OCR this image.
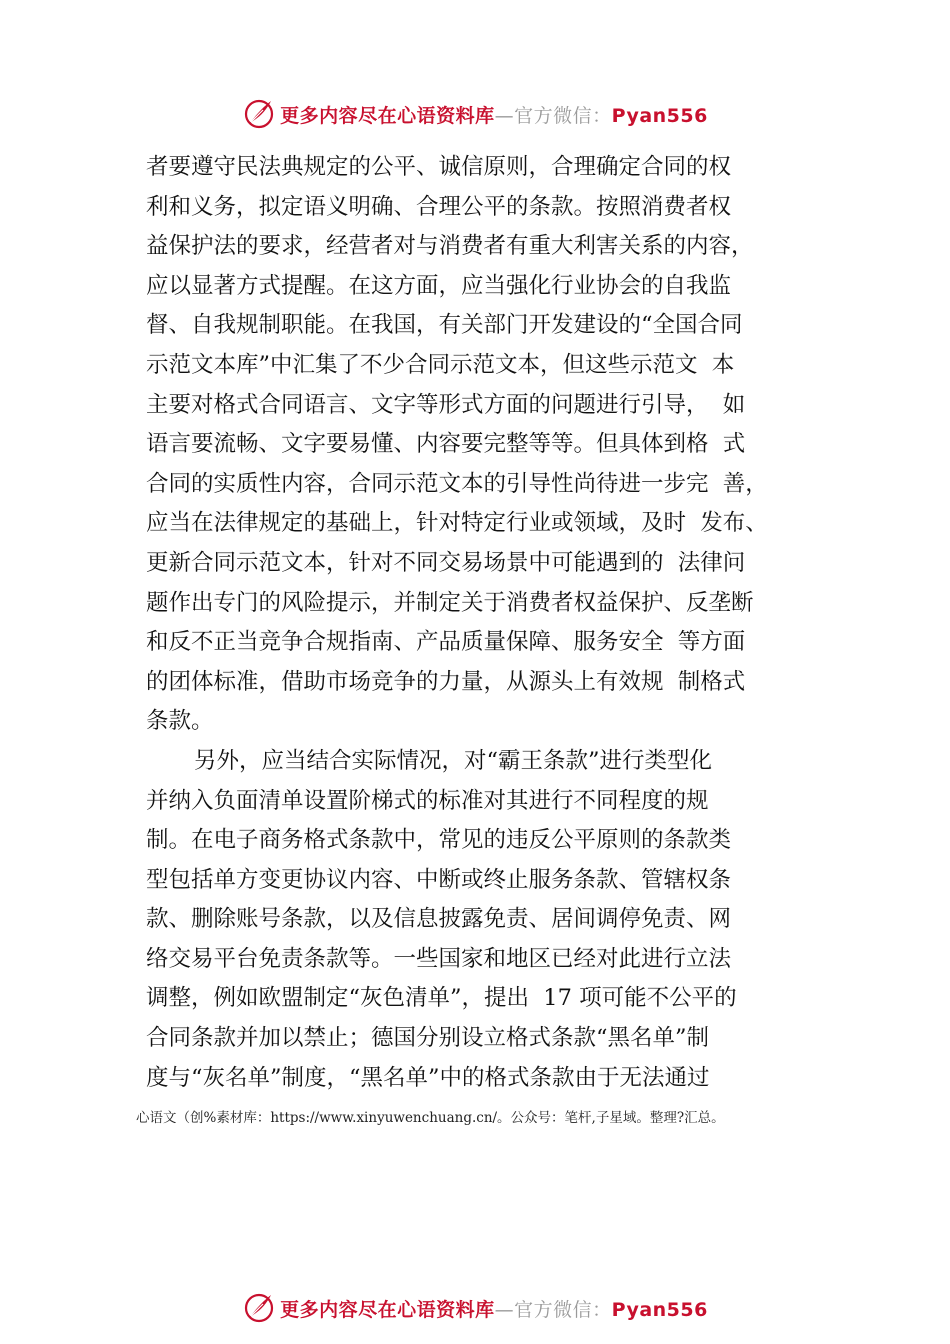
更多内容尽在心语资料库—官方微信：Pyan556
者要遵守民法典规定的公平、诚信原则，合理确定合同的权
利和义务，拟定语义明确、合理公平的条款。按照消费者权
益保护法的要求，经营者对与消费者有重大利害关系的内容，
应以显著方式提醒。在这方面，应当强化行业协会的自我监
督、自我规制职能。在我国，有关部门开发建设的“全国合同
示范文本库”中汇集了不少合同示范文本，但这些示范文  本
主要对格式合同语言、文字等形式方面的问题进行引导，  如
语言要流畅、文字要易懂、内容要完整等等。但具体到格  式
合同的实质性内容，合同示范文本的引导性尚待进一步完  善，
应当在法律规定的基础上，针对特定行业或领域，及时  发布、
更新合同示范文本，针对不同交易场景中可能遇到的  法律问
题作出专门的风险提示，并制定关于消费者权益保护、反垄断
和反不正当竞争合规指南、产品质量保障、服务安全  等方面
的团体标准，借助市场竞争的力量，从源头上有效规  制格式
条款。
另外，应当结合实际情况，对“霸王条款”进行类型化
并纳入负面清单设置阶梯式的标准对其进行不同程度的规
制。在电子商务格式条款中，常见的违反公平原则的条款类
型包括单方变更协议内容、中断或终止服务条款、管辖权条
款、删除账号条款，以及信息披露免责、居间调停免责、网
络交易平台免责条款等。一些国家和地区已经对此进行立法
调整，例如欧盟制定“灰色清单”，提出  17 项可能不公平的
合同条款并加以禁止；德国分别设立格式条款“黑名单”制
度与“灰名单”制度，“黑名单”中的格式条款由于无法通过
心语文（创%素材库：https://www.xinyuwenchuang.cn/。公众号：笔杆,子星域。整理?汇总。
更多内容尽在心语资料库—官方微信：Pyan556
